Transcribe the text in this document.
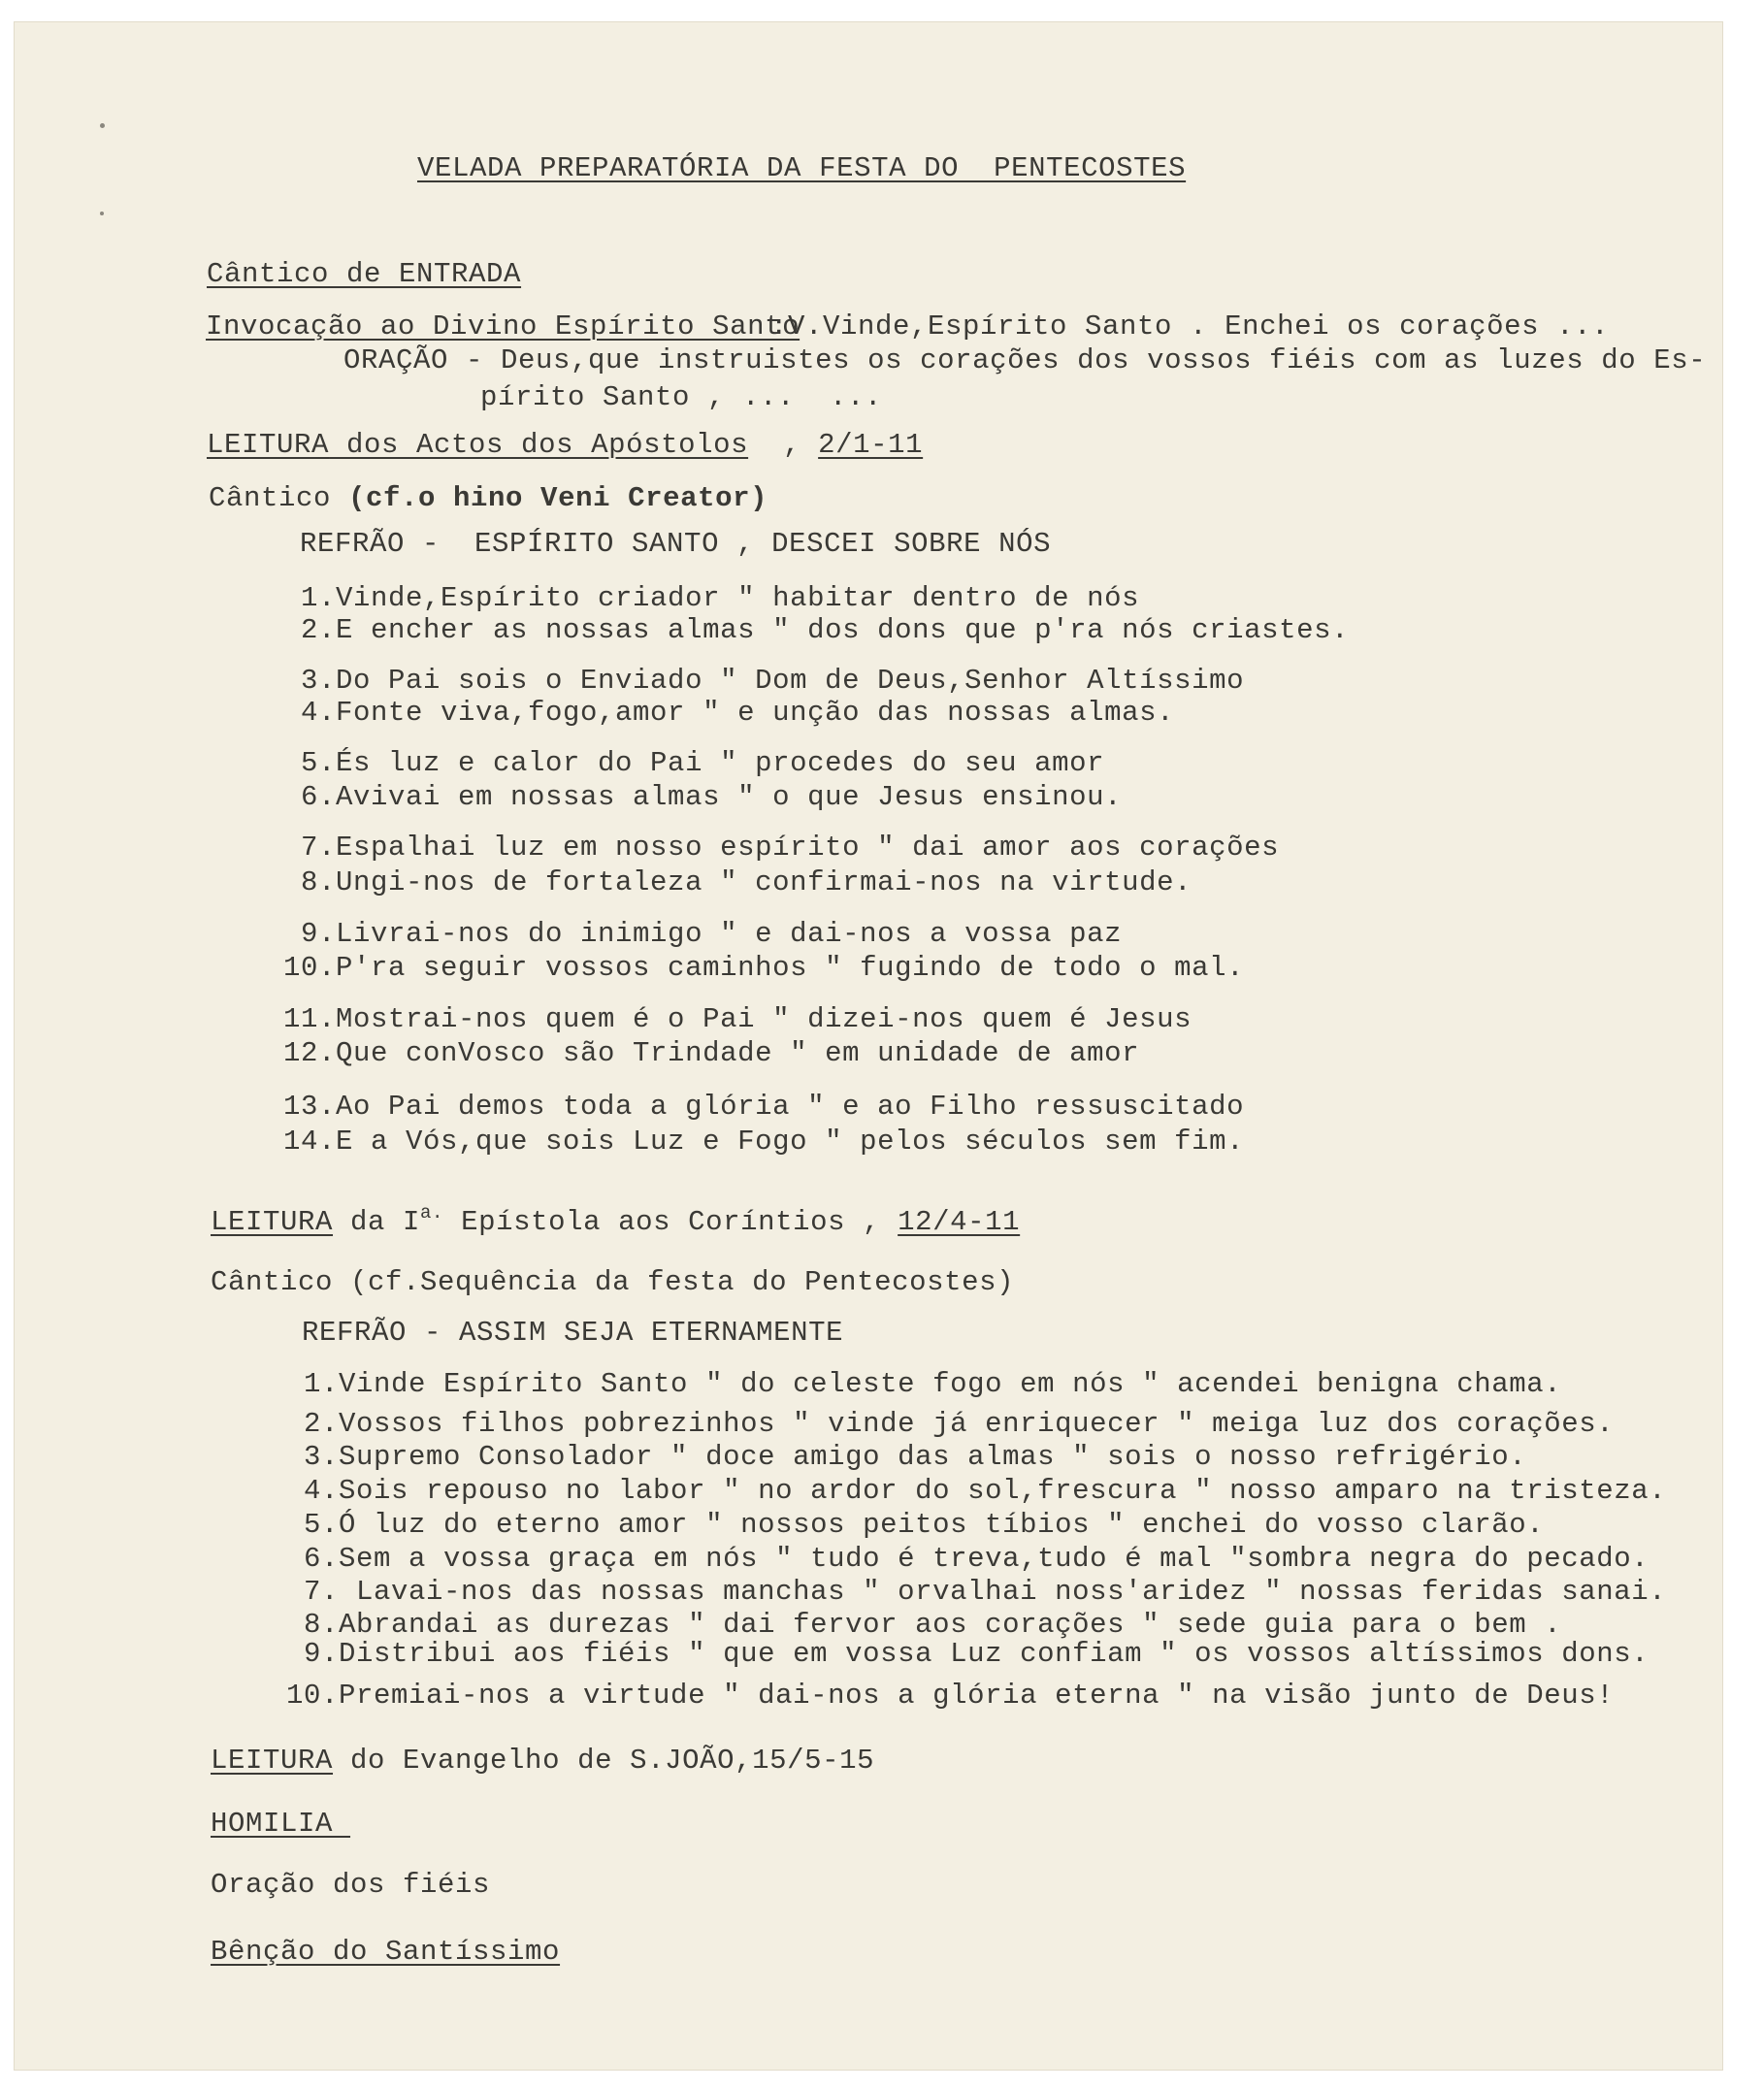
VELADA PREPARATÓRIA DA FESTA DO  PENTECOSTES
Cântico de ENTRADA
Invocação ao Divino Espírito Santo
:V.Vinde,Espírito Santo . Enchei os corações ...
ORAÇÃO - Deus,que instruistes os corações dos vossos fiéis com as luzes do Es-
pírito Santo , ...  ...
LEITURA dos Actos dos Apóstolos  , 2/1-11
Cântico (cf.o hino Veni Creator)
REFRÃO -  ESPÍRITO SANTO , DESCEI SOBRE NÓS
1.Vinde,Espírito criador " habitar dentro de nós
2.E encher as nossas almas " dos dons que p'ra nós criastes.
3.Do Pai sois o Enviado " Dom de Deus,Senhor Altíssimo
4.Fonte viva,fogo,amor " e unção das nossas almas.
5.És luz e calor do Pai " procedes do seu amor
6.Avivai em nossas almas " o que Jesus ensinou.
7.Espalhai luz em nosso espírito " dai amor aos corações
8.Ungi-nos de fortaleza " confirmai-nos na virtude.
9.Livrai-nos do inimigo " e dai-nos a vossa paz
10.P'ra seguir vossos caminhos " fugindo de todo o mal.
11.Mostrai-nos quem é o Pai " dizei-nos quem é Jesus
12.Que conVosco são Trindade " em unidade de amor
13.Ao Pai demos toda a glória " e ao Filho ressuscitado
14.E a Vós,que sois Luz e Fogo " pelos séculos sem fim.
LEITURA da $I^{a.}$ Epístola aos Coríntios , 12/4-11
Cântico (cf.Sequência da festa do Pentecostes)
REFRÃO - ASSIM SEJA ETERNAMENTE
1.Vinde Espírito Santo " do celeste fogo em nós " acendei benigna chama.
2.Vossos filhos pobrezinhos " vinde já enriquecer " meiga luz dos corações.
3.Supremo Consolador " doce amigo das almas " sois o nosso refrigério.
4.Sois repouso no labor " no ardor do sol,frescura " nosso amparo na tristeza.
5.Ó luz do eterno amor " nossos peitos tíbios " enchei do vosso clarão.
6.Sem a vossa graça em nós " tudo é treva,tudo é mal "sombra negra do pecado.
7. Lavai-nos das nossas manchas " orvalhai noss'aridez " nossas feridas sanai.
8.Abrandai as durezas " dai fervor aos corações " sede guia para o bem .
9.Distribui aos fiéis " que em vossa Luz confiam " os vossos altíssimos dons.
10.Premiai-nos a virtude " dai-nos a glória eterna " na visão junto de Deus!
LEITURA do Evangelho de S.JOÃO,15/5-15
HOMILIA
Oração dos fiéis
Bênção do Santíssimo
